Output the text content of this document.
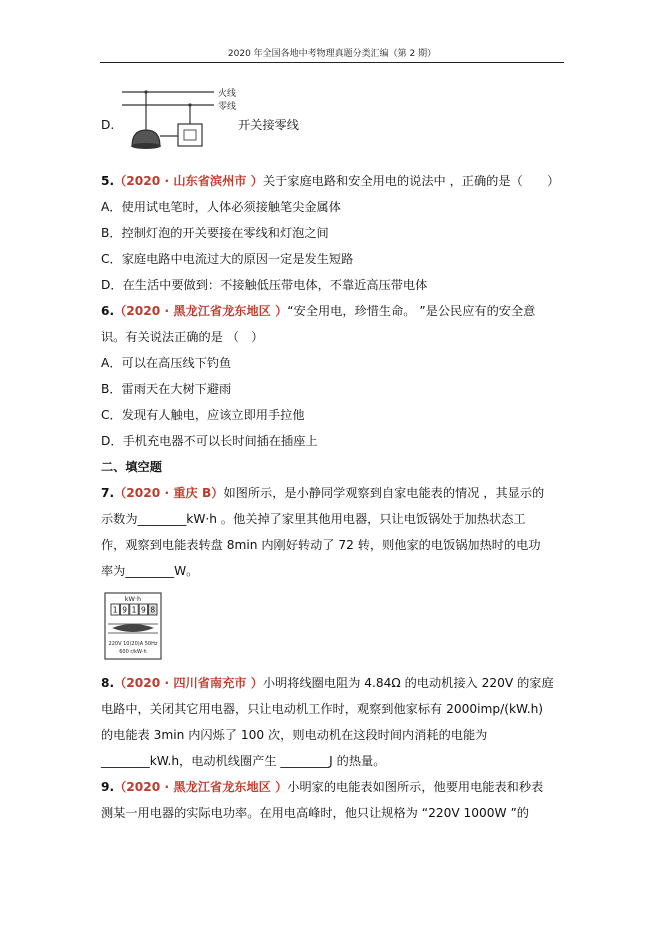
2020 年全国各地中考物理真题分类汇编（第 2 期）
D.
火线
零线
开关接零线
5.（2020 · 山东省滨州市 ）关于家庭电路和安全用电的说法中 ，正确的是（　　）
A．使用试电笔时，人体必须接触笔尖金属体
B．控制灯泡的开关要接在零线和灯泡之间
C．家庭电路中电流过大的原因一定是发生短路
D．在生活中要做到：不接触低压带电体，不靠近高压带电体
6.（2020 · 黑龙江省龙东地区 ）“安全用电，珍惜生命。 ”是公民应有的安全意
识。有关说法正确的是 （　）
A．可以在高压线下钓鱼
B．雷雨天在大树下避雨
C．发现有人触电，应该立即用手拉他
D．手机充电器不可以长时间插在插座上
二、填空题
7.（2020 · 重庆 B）如图所示，是小静同学观察到自家电能表的情况 ，其显示的
示数为________kW·h 。他关掉了家里其他用电器，只让电饭锅处于加热状态工
作，观察到电能表转盘 8min 内刚好转动了 72 转，则他家的电饭锅加热时的电功
率为________W。
kW·h
1 9 1 9 8
220V 10(20)A 50Hz
600 r/kW·h
8.（2020 · 四川省南充市 ）小明将线圈电阻为 4.84Ω 的电动机接入 220V 的家庭
电路中，关闭其它用电器，只让电动机工作时，观察到他家标有 2000imp/(kW.h)
的电能表 3min 内闪烁了 100 次，则电动机在这段时间内消耗的电能为
________kW.h，电动机线圈产生 ________J 的热量。
9.（2020 · 黑龙江省龙东地区 ）小明家的电能表如图所示，他要用电能表和秒表
测某一用电器的实际电功率。在用电高峰时，他只让规格为 “220V 1000W ”的
